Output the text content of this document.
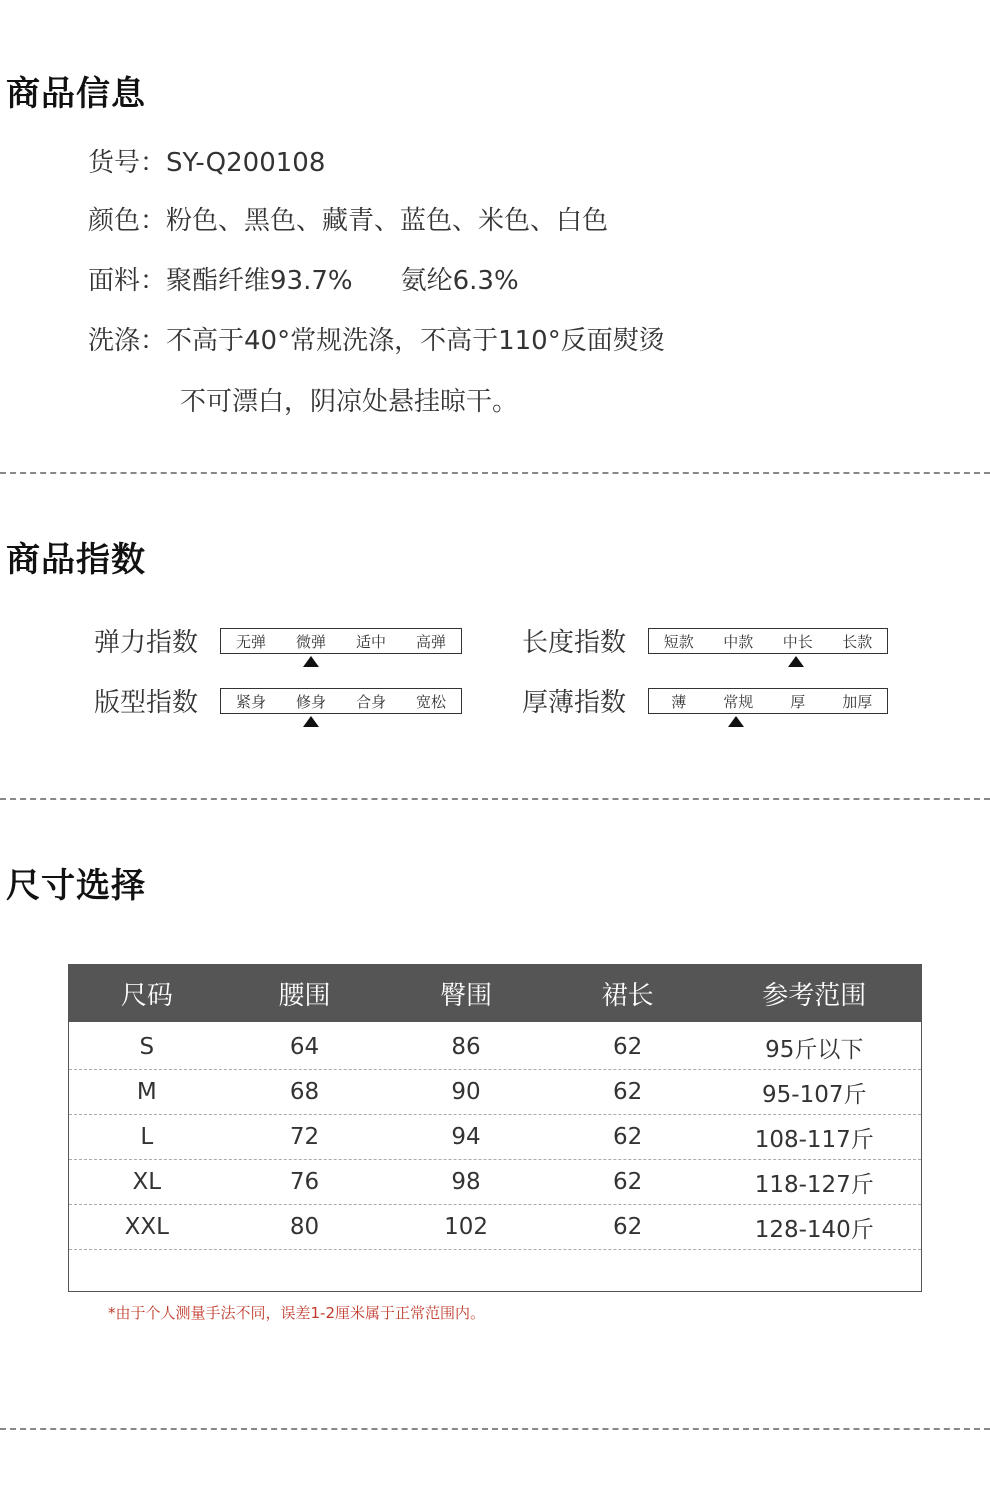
商品信息
货号：SY-Q200108
颜色：粉色、黑色、藏青、蓝色、米色、白色
面料：聚酯纤维93.7% 氨纶6.3%
洗涤：不高于40°常规洗涤，不高于110°反面熨烫
不可漂白，阴凉处悬挂晾干。
商品指数
弹力指数	无弹	微弹	适中	高弹	长度指数	短款	中款	中长	长款
版型指数	紧身	修身	合身	宽松	厚薄指数	薄	常规	厚	加厚
尺寸选择
尺码	腰围	臀围	裙长	参考范围
S	64	86	62	95斤以下
M	68	90	62	95-107斤
L	72	94	62	108-117斤
XL	76	98	62	118-127斤
XXL	80	102	62	128-140斤
*由于个人测量手法不同，误差1-2厘米属于正常范围内。
